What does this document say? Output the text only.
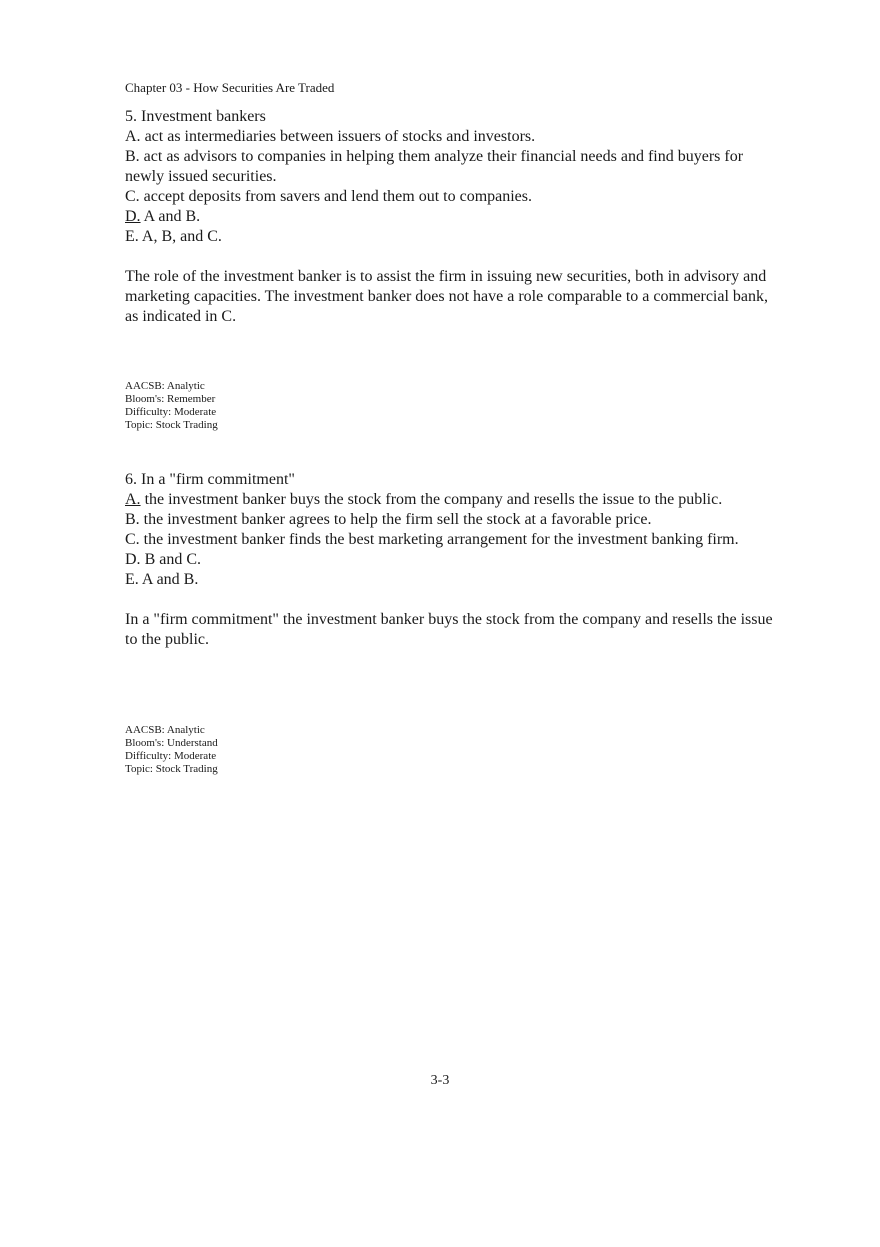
Chapter 03 - How Securities Are Traded
5. Investment bankers
A. act as intermediaries between issuers of stocks and investors.
B. act as advisors to companies in helping them analyze their financial needs and find buyers for newly issued securities.
C. accept deposits from savers and lend them out to companies.
D. A and B.
E. A, B, and C.
The role of the investment banker is to assist the firm in issuing new securities, both in advisory and marketing capacities. The investment banker does not have a role comparable to a commercial bank, as indicated in C.
AACSB: Analytic
Bloom's: Remember
Difficulty: Moderate
Topic: Stock Trading
6. In a "firm commitment"
A. the investment banker buys the stock from the company and resells the issue to the public.
B. the investment banker agrees to help the firm sell the stock at a favorable price.
C. the investment banker finds the best marketing arrangement for the investment banking firm.
D. B and C.
E. A and B.
In a "firm commitment" the investment banker buys the stock from the company and resells the issue to the public.
AACSB: Analytic
Bloom's: Understand
Difficulty: Moderate
Topic: Stock Trading
3-3
